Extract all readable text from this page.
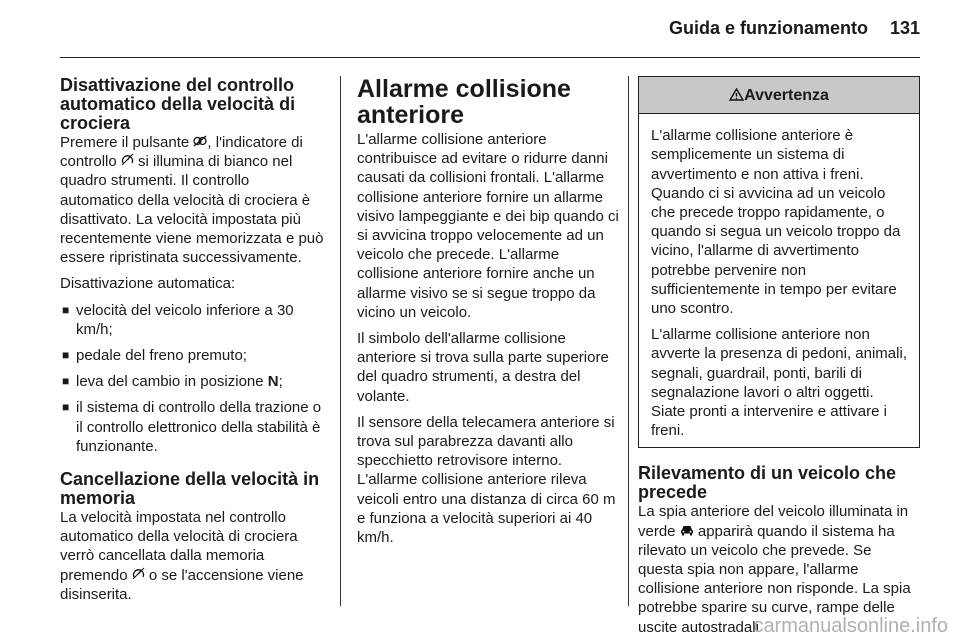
Guida e funzionamento 131
Disattivazione del controllo automatico della velocità di crociera

Premere il pulsante , l'indicatore di controllo  si illumina di bianco nel quadro strumenti. Il controllo automatico della velocità di crociera è disattivato. La velocità impostata più recentemente viene memorizzata e può essere ripristinata successivamente.

Disattivazione automatica:

■ velocità del veicolo inferiore a 30 km/h;
■ pedale del freno premuto;
■ leva del cambio in posizione N;
■ il sistema di controllo della trazione o il controllo elettronico della stabilità è funzionante.
Cancellazione della velocità in memoria

La velocità impostata nel controllo automatico della velocità di crociera verrò cancellata dalla memoria premendo  o se l'accensione viene disinserita.

Allarme collisione anteriore

L'allarme collisione anteriore contribuisce ad evitare o ridurre danni causati da collisioni frontali. L'allarme collisione anteriore fornire un allarme visivo lampeggiante e dei bip quando ci si avvicina troppo velocemente ad un veicolo che precede. L'allarme collisione anteriore fornire anche un allarme visivo se si segue troppo da vicino un veicolo.

Il simbolo dell'allarme collisione anteriore si trova sulla parte superiore del quadro strumenti, a destra del volante.

Il sensore della telecamera anteriore si trova sul parabrezza davanti allo specchietto retrovisore interno. L'allarme collisione anteriore rileva veicoli entro una distanza di circa 60 m e funziona a velocità superiori ai 40 km/h.

Avvertenza

L'allarme collisione anteriore è semplicemente un sistema di avvertimento e non attiva i freni. Quando ci si avvicina ad un veicolo che precede troppo rapidamente, o quando si segua un veicolo troppo da vicino, l'allarme di avvertimento potrebbe pervenire non sufficientemente in tempo per evitare uno scontro.

L'allarme collisione anteriore non avverte la presenza di pedoni, animali, segnali, guardrail, ponti, barili di segnalazione lavori o altri oggetti. Siate pronti a intervenire e attivare i freni.

Rilevamento di un veicolo che precede

La spia anteriore del veicolo illuminata in verde  apparirà quando il sistema ha rilevato un veicolo che prevede. Se questa spia non appare, l'allarme collisione anteriore non risponde. La spia potrebbe sparire su curve, rampe delle uscite autostradali

carmanualsonline.info
